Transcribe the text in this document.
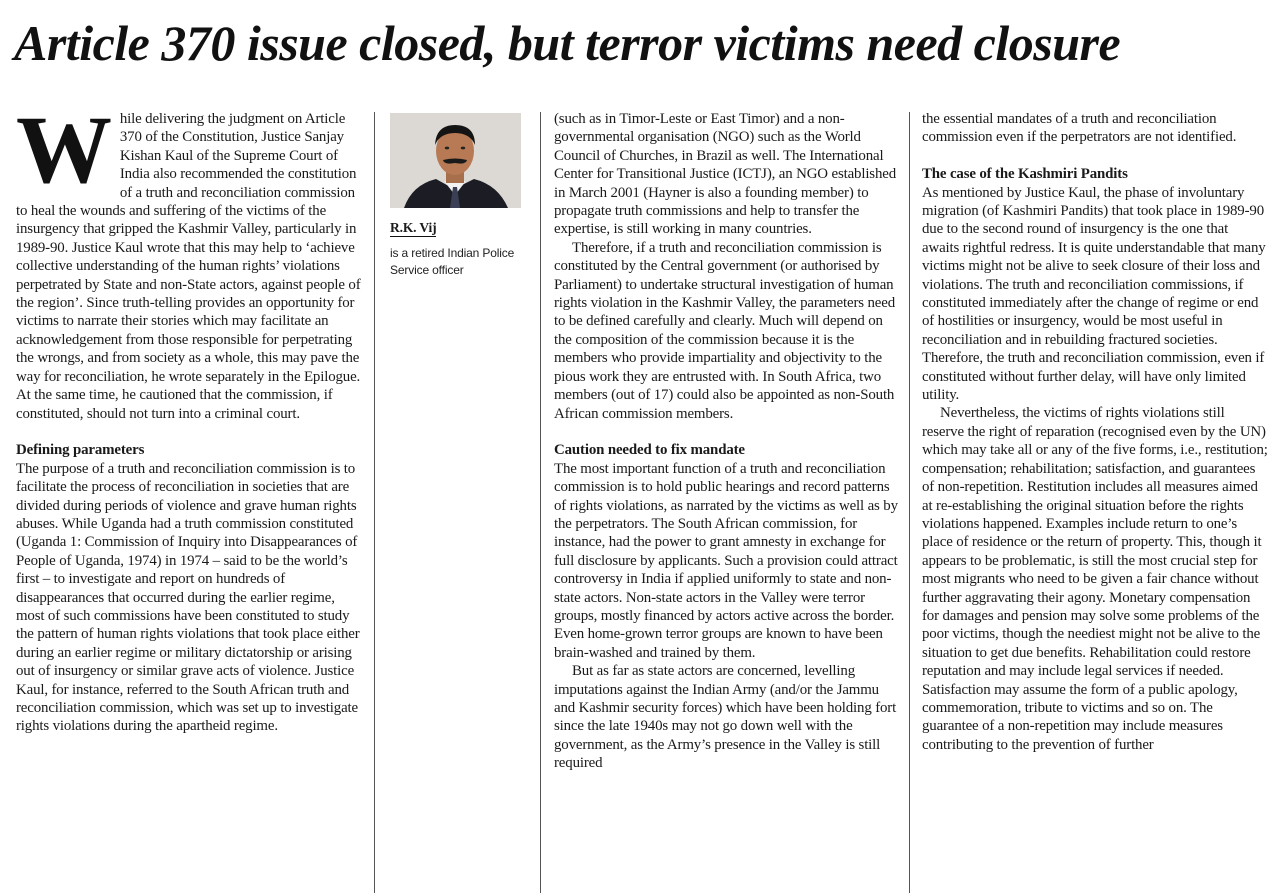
Article 370 issue closed, but terror victims need closure

While delivering the judgment on Article 370 of the Constitution, Justice Sanjay Kishan Kaul of the Supreme Court of India also recommended the constitution of a truth and reconciliation commission to heal the wounds and suffering of the victims of the insurgency that gripped the Kashmir Valley, particularly in 1989-90. Justice Kaul wrote that this may help to ‘achieve collective understanding of the human rights’ violations perpetrated by State and non-State actors, against people of the region’. Since truth-telling provides an opportunity for victims to narrate their stories which may facilitate an acknowledgement from those responsible for perpetrating the wrongs, and from society as a whole, this may pave the way for reconciliation, he wrote separately in the Epilogue. At the same time, he cautioned that the commission, if constituted, should not turn into a criminal court.

Defining parameters

The purpose of a truth and reconciliation commission is to facilitate the process of reconciliation in societies that are divided during periods of violence and grave human rights abuses. While Uganda had a truth commission constituted (Uganda 1: Commission of Inquiry into Disappearances of People of Uganda, 1974) in 1974 – said to be the world’s first – to investigate and report on hundreds of disappearances that occurred during the earlier regime, most of such commissions have been constituted to study the pattern of human rights violations that took place either during an earlier regime or military dictatorship or arising out of insurgency or similar grave acts of violence. Justice Kaul, for instance, referred to the South African truth and reconciliation commission, which was set up to investigate rights violations during the apartheid regime.

R.K. Vij
is a retired Indian Police Service officer

(such as in Timor-Leste or East Timor) and a non-governmental organisation (NGO) such as the World Council of Churches, in Brazil as well. The International Center for Transitional Justice (ICTJ), an NGO established in March 2001 (Hayner is also a founding member) to propagate truth commissions and help to transfer the expertise, is still working in many countries.

Therefore, if a truth and reconciliation commission is constituted by the Central government (or authorised by Parliament) to undertake structural investigation of human rights violation in the Kashmir Valley, the parameters need to be defined carefully and clearly. Much will depend on the composition of the commission because it is the members who provide impartiality and objectivity to the pious work they are entrusted with. In South Africa, two members (out of 17) could also be appointed as non-South African commission members.

Caution needed to fix mandate

The most important function of a truth and reconciliation commission is to hold public hearings and record patterns of rights violations, as narrated by the victims as well as by the perpetrators. The South African commission, for instance, had the power to grant amnesty in exchange for full disclosure by applicants. Such a provision could attract controversy in India if applied uniformly to state and non-state actors. Non-state actors in the Valley were terror groups, mostly financed by actors active across the border. Even home-grown terror groups are known to have been brain-washed and trained by them.

But as far as state actors are concerned, levelling imputations against the Indian Army (and/or the Jammu and Kashmir security forces) which have been holding fort since the late 1940s may not go down well with the government, as the Army’s presence in the Valley is still required

the essential mandates of a truth and reconciliation commission even if the perpetrators are not identified.

The case of the Kashmiri Pandits

As mentioned by Justice Kaul, the phase of involuntary migration (of Kashmiri Pandits) that took place in 1989-90 due to the second round of insurgency is the one that awaits rightful redress. It is quite understandable that many victims might not be alive to seek closure of their loss and violations. The truth and reconciliation commissions, if constituted immediately after the change of regime or end of hostilities or insurgency, would be most useful in reconciliation and in rebuilding fractured societies. Therefore, the truth and reconciliation commission, even if constituted without further delay, will have only limited utility.

Nevertheless, the victims of rights violations still reserve the right of reparation (recognised even by the UN) which may take all or any of the five forms, i.e., restitution; compensation; rehabilitation; satisfaction, and guarantees of non-repetition. Restitution includes all measures aimed at re-establishing the original situation before the rights violations happened. Examples include return to one’s place of residence or the return of property. This, though it appears to be problematic, is still the most crucial step for most migrants who need to be given a fair chance without further aggravating their agony. Monetary compensation for damages and pension may solve some problems of the poor victims, though the neediest might not be alive to the situation to get due benefits. Rehabilitation could restore reputation and may include legal services if needed. Satisfaction may assume the form of a public apology, commemoration, tribute to victims and so on. The guarantee of a non-repetition may include measures contributing to the prevention of further
